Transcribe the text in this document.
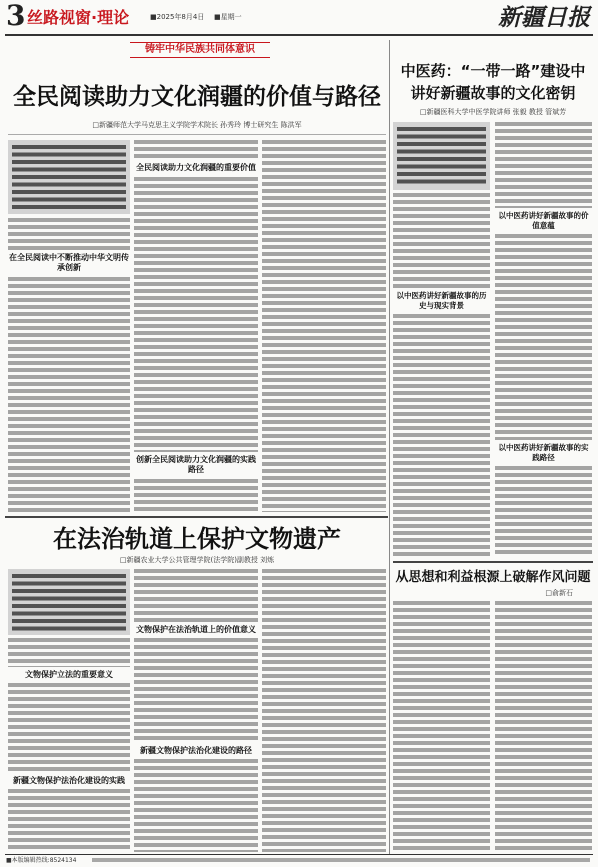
3 丝路视窗·理论	■2025年8月4日 ■星期一	新疆日报
铸牢中华民族共同体意识
全民阅读助力文化润疆的价值与路径
□新疆师范大学马克思主义学院学术院长 孙秀玲 博士研究生 陈洪军
在全民阅读中不断推动中华文明传承创新
全民阅读助力文化润疆的重要价值
创新全民阅读助力文化润疆的实践路径
中医药：“一带一路”建设中
讲好新疆故事的文化密钥
□新疆医科大学中医学院讲师 张毅 教授 管斌芳
以中医药讲好新疆故事的历史与现实背景
以中医药讲好新疆故事的价值意蕴
以中医药讲好新疆故事的实践路径
在法治轨道上保护文物遗产
□新疆农业大学公共管理学院(法学院)副教授 刘炼
文物保护立法的重要意义
新疆文物保护法治化建设的实践
文物保护在法治轨道上的价值意义
新疆文物保护法治化建设的路径
从思想和利益根源上破解作风问题
□俞新石
■本版编辑热线:8524134
